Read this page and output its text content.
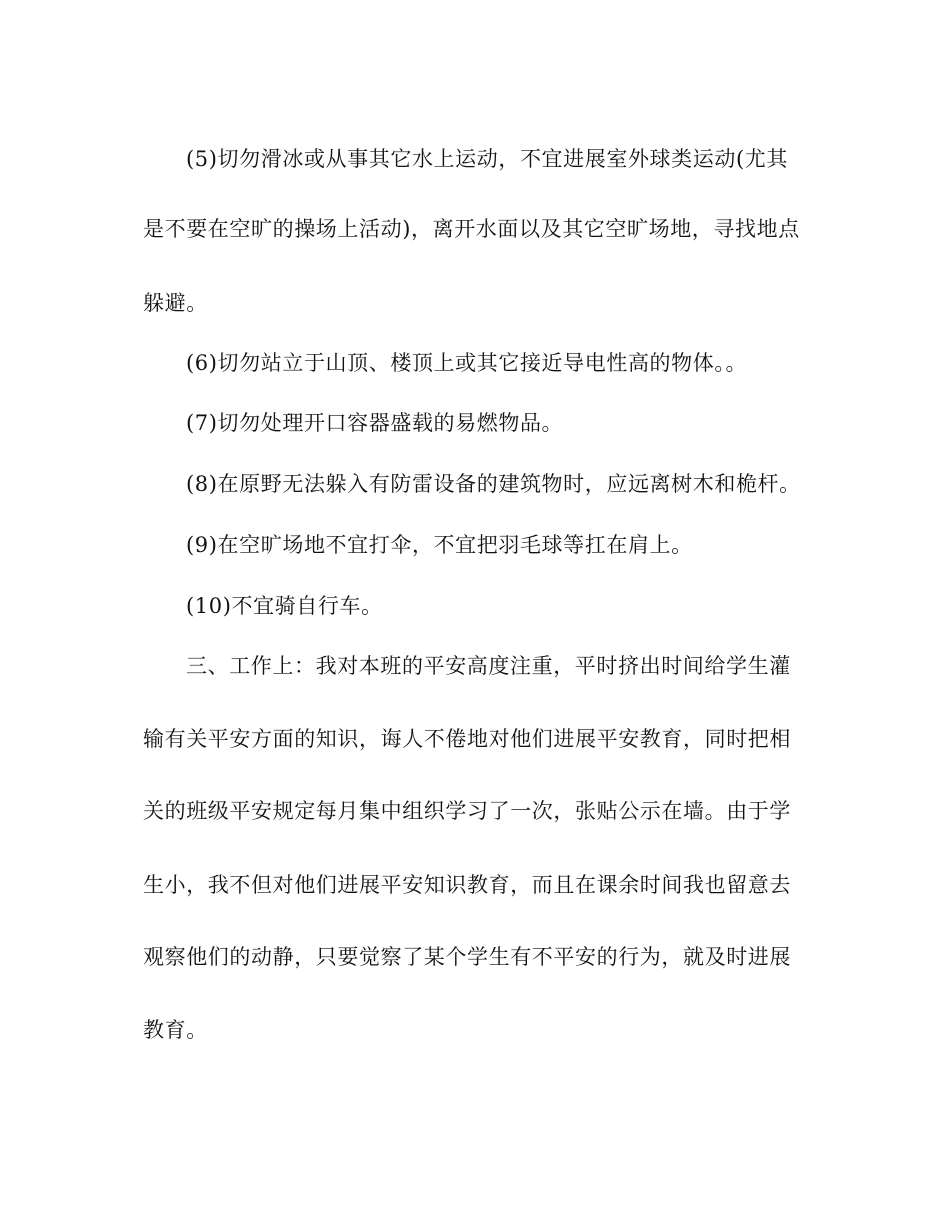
(5)切勿滑冰或从事其它水上运动，不宜进展室外球类运动(尤其
是不要在空旷的操场上活动)，离开水面以及其它空旷场地，寻找地点
躲避。
(6)切勿站立于山顶、楼顶上或其它接近导电性高的物体。。
(7)切勿处理开口容器盛载的易燃物品。
(8)在原野无法躲入有防雷设备的建筑物时，应远离树木和桅杆。
(9)在空旷场地不宜打伞，不宜把羽毛球等扛在肩上。
(10)不宜骑自行车。
三、工作上：我对本班的平安高度注重，平时挤出时间给学生灌
输有关平安方面的知识，诲人不倦地对他们进展平安教育，同时把相
关的班级平安规定每月集中组织学习了一次，张贴公示在墙。由于学
生小，我不但对他们进展平安知识教育，而且在课余时间我也留意去
观察他们的动静，只要觉察了某个学生有不平安的行为，就及时进展
教育。
